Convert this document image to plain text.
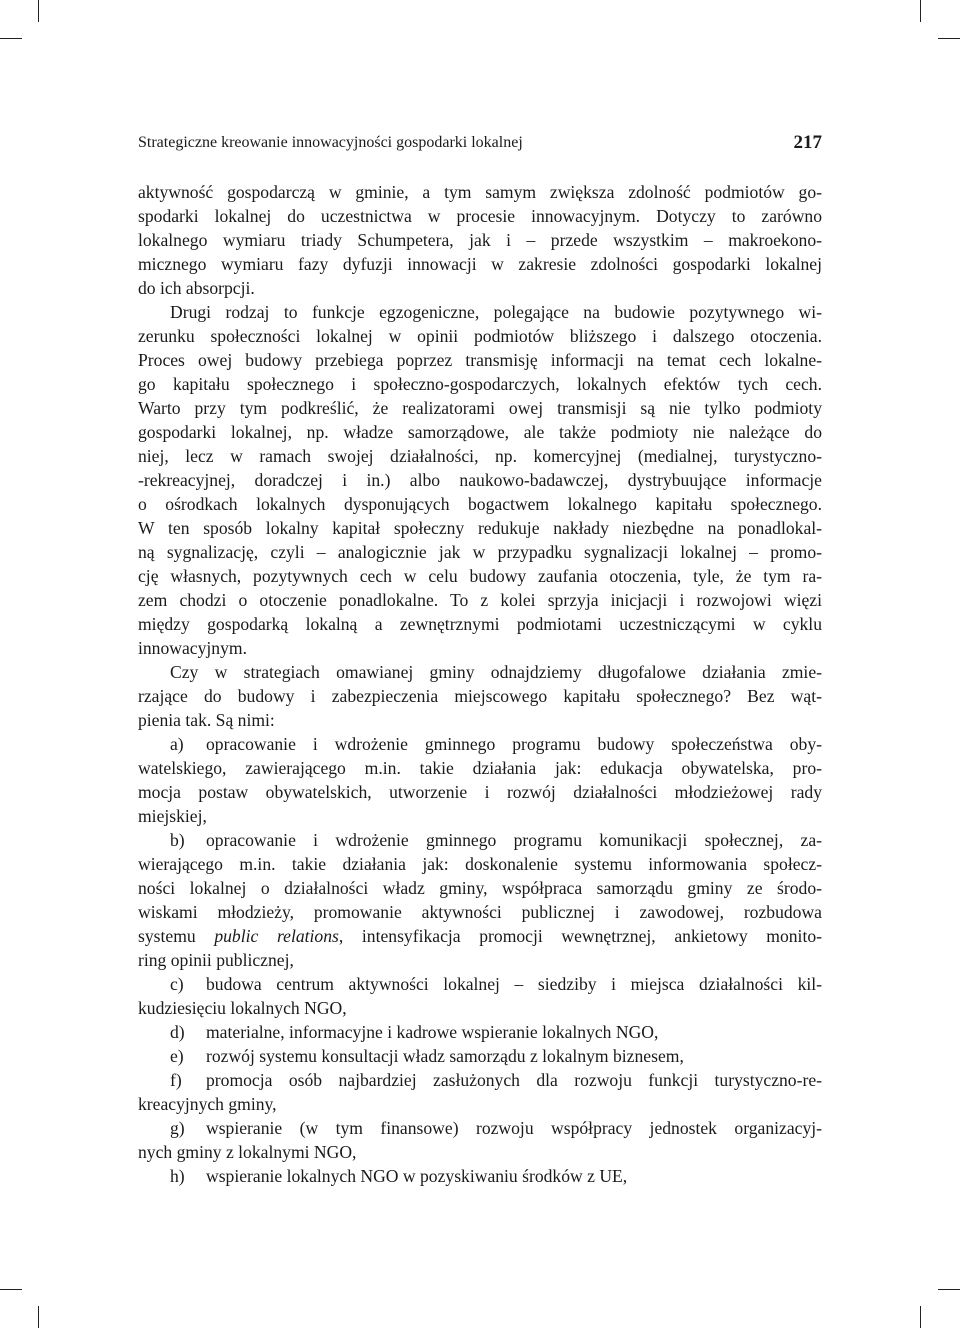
Strategiczne kreowanie innowacyjności gospodarki lokalnej	217
aktywność gospodarczą w gminie, a tym samym zwiększa zdolność podmiotów go-
spodarki lokalnej do uczestnictwa w procesie innowacyjnym. Dotyczy to zarówno
lokalnego wymiaru triady Schumpetera, jak i – przede wszystkim – makroekono-
micznego wymiaru fazy dyfuzji innowacji w zakresie zdolności gospodarki lokalnej
do ich absorpcji.
Drugi rodzaj to funkcje egzogeniczne, polegające na budowie pozytywnego wi-
zerunku społeczności lokalnej w opinii podmiotów bliższego i dalszego otoczenia.
Proces owej budowy przebiega poprzez transmisję informacji na temat cech lokalne-
go kapitału społecznego i społeczno-gospodarczych, lokalnych efektów tych cech.
Warto przy tym podkreślić, że realizatorami owej transmisji są nie tylko podmioty
gospodarki lokalnej, np. władze samorządowe, ale także podmioty nie należące do
niej, lecz w ramach swojej działalności, np. komercyjnej (medialnej, turystyczno-
-rekreacyjnej, doradczej i in.) albo naukowo-badawczej, dystrybuujące informacje
o ośrodkach lokalnych dysponujących bogactwem lokalnego kapitału społecznego.
W ten sposób lokalny kapitał społeczny redukuje nakłady niezbędne na ponadlokal-
ną sygnalizację, czyli – analogicznie jak w przypadku sygnalizacji lokalnej – promo-
cję własnych, pozytywnych cech w celu budowy zaufania otoczenia, tyle, że tym ra-
zem chodzi o otoczenie ponadlokalne. To z kolei sprzyja inicjacji i rozwojowi więzi
między gospodarką lokalną a zewnętrznymi podmiotami uczestniczącymi w cyklu
innowacyjnym.
Czy w strategiach omawianej gminy odnajdziemy długofalowe działania zmie-
rzające do budowy i zabezpieczenia miejscowego kapitału społecznego? Bez wąt-
pienia tak. Są nimi:
a) opracowanie i wdrożenie gminnego programu budowy społeczeństwa oby-
watelskiego, zawierającego m.in. takie działania jak: edukacja obywatelska, pro-
mocja postaw obywatelskich, utworzenie i rozwój działalności młodzieżowej rady
miejskiej,
b) opracowanie i wdrożenie gminnego programu komunikacji społecznej, za-
wierającego m.in. takie działania jak: doskonalenie systemu informowania społecz-
ności lokalnej o działalności władz gminy, współpraca samorządu gminy ze środo-
wiskami młodzieży, promowanie aktywności publicznej i zawodowej, rozbudowa
systemu public relations, intensyfikacja promocji wewnętrznej, ankietowy monito-
ring opinii publicznej,
c) budowa centrum aktywności lokalnej – siedziby i miejsca działalności kil-
kudziesięciu lokalnych NGO,
d) materialne, informacyjne i kadrowe wspieranie lokalnych NGO,
e) rozwój systemu konsultacji władz samorządu z lokalnym biznesem,
f) promocja osób najbardziej zasłużonych dla rozwoju funkcji turystyczno-re-
kreacyjnych gminy,
g) wspieranie (w tym finansowe) rozwoju współpracy jednostek organizacyj-
nych gminy z lokalnymi NGO,
h) wspieranie lokalnych NGO w pozyskiwaniu środków z UE,
